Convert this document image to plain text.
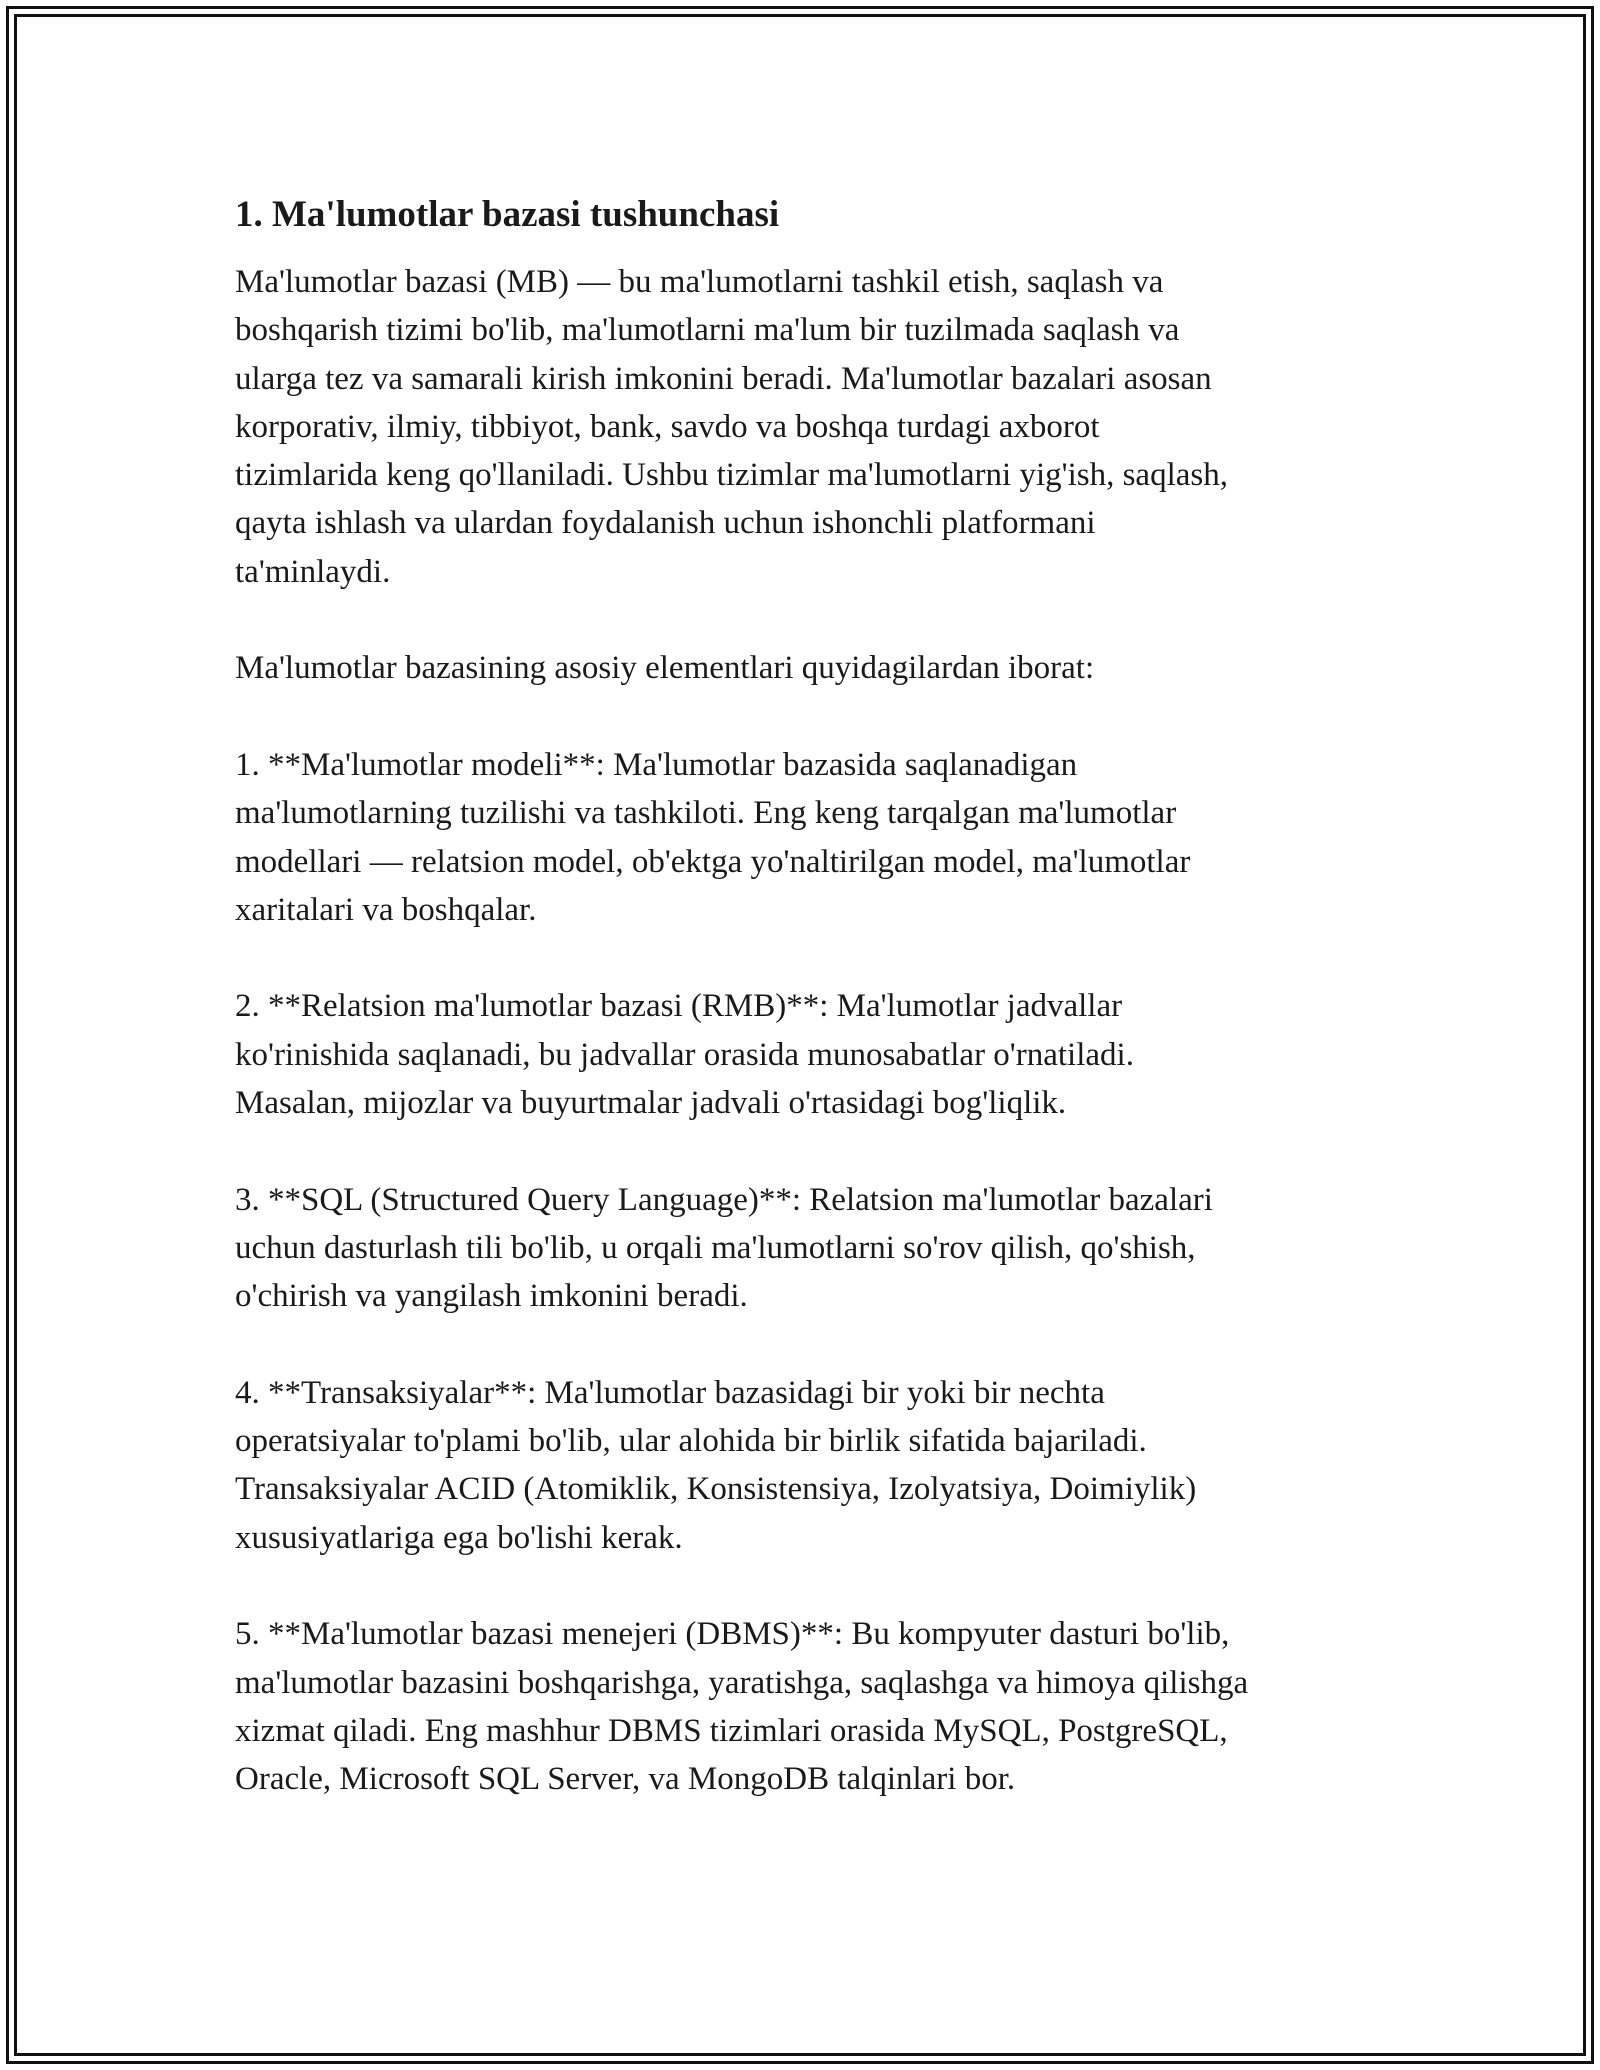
1. Ma'lumotlar bazasi tushunchasi

Ma'lumotlar bazasi (MB) — bu ma'lumotlarni tashkil etish, saqlash va
boshqarish tizimi bo'lib, ma'lumotlarni ma'lum bir tuzilmada saqlash va
ularga tez va samarali kirish imkonini beradi. Ma'lumotlar bazalari asosan
korporativ, ilmiy, tibbiyot, bank, savdo va boshqa turdagi axborot
tizimlarida keng qo'llaniladi. Ushbu tizimlar ma'lumotlarni yig'ish, saqlash,
qayta ishlash va ulardan foydalanish uchun ishonchli platformani
ta'minlaydi.

Ma'lumotlar bazasining asosiy elementlari quyidagilardan iborat:

1. **Ma'lumotlar modeli**: Ma'lumotlar bazasida saqlanadigan
ma'lumotlarning tuzilishi va tashkiloti. Eng keng tarqalgan ma'lumotlar
modellari — relatsion model, ob'ektga yo'naltirilgan model, ma'lumotlar
xaritalari va boshqalar.

2. **Relatsion ma'lumotlar bazasi (RMB)**: Ma'lumotlar jadvallar
ko'rinishida saqlanadi, bu jadvallar orasida munosabatlar o'rnatiladi.
Masalan, mijozlar va buyurtmalar jadvali o'rtasidagi bog'liqlik.

3. **SQL (Structured Query Language)**: Relatsion ma'lumotlar bazalari
uchun dasturlash tili bo'lib, u orqali ma'lumotlarni so'rov qilish, qo'shish,
o'chirish va yangilash imkonini beradi.

4. **Transaksiyalar**: Ma'lumotlar bazasidagi bir yoki bir nechta
operatsiyalar to'plami bo'lib, ular alohida bir birlik sifatida bajariladi.
Transaksiyalar ACID (Atomiklik, Konsistensiya, Izolyatsiya, Doimiylik)
xususiyatlariga ega bo'lishi kerak.

5. **Ma'lumotlar bazasi menejeri (DBMS)**: Bu kompyuter dasturi bo'lib,
ma'lumotlar bazasini boshqarishga, yaratishga, saqlashga va himoya qilishga
xizmat qiladi. Eng mashhur DBMS tizimlari orasida MySQL, PostgreSQL,
Oracle, Microsoft SQL Server, va MongoDB talqinlari bor.
